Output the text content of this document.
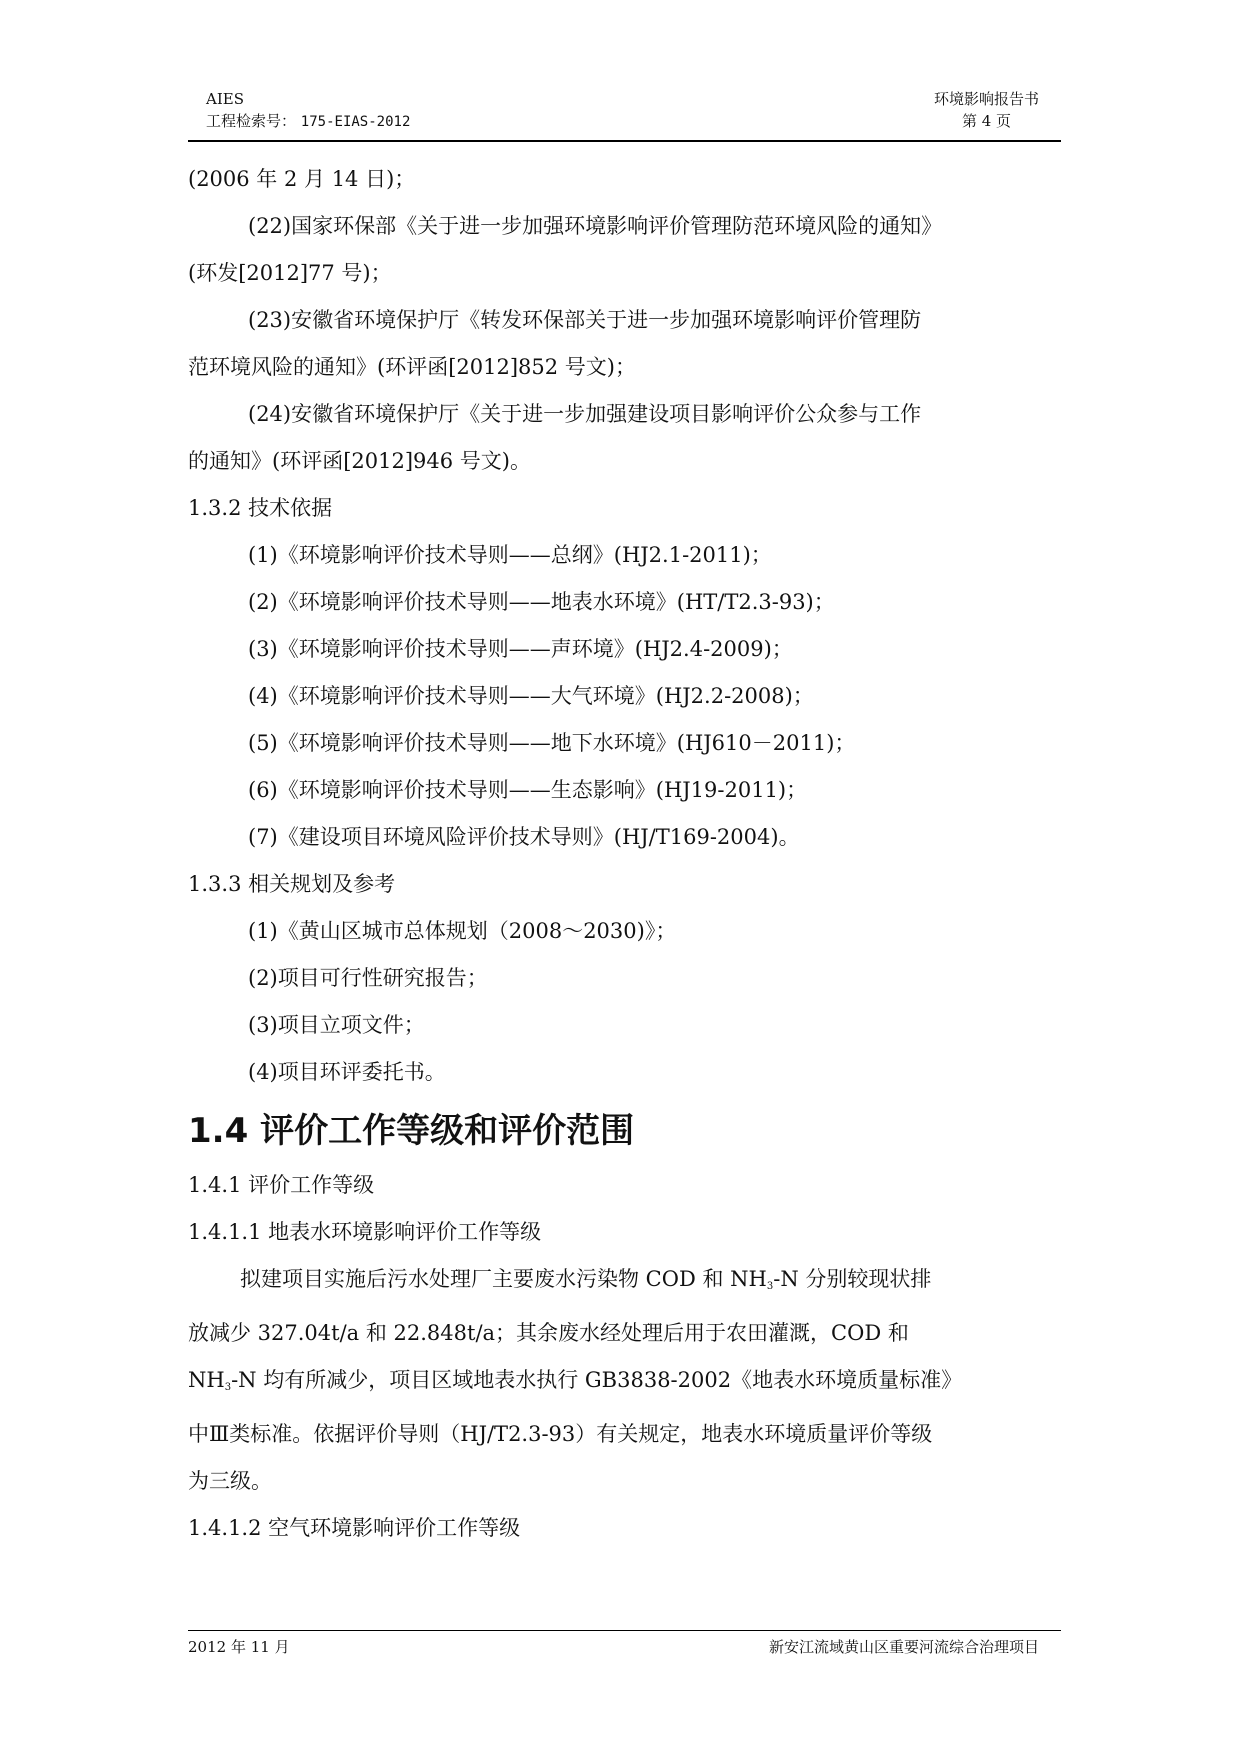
AIES
工程检索号： 175-EIAS-2012
环境影响报告书
第 4 页

(2006 年 2 月 14 日)；

(22)国家环保部《关于进一步加强环境影响评价管理防范环境风险的通知》

(环发[2012]77 号)；

(23)安徽省环境保护厅《转发环保部关于进一步加强环境影响评价管理防

范环境风险的通知》(环评函[2012]852 号文)；

(24)安徽省环境保护厅《关于进一步加强建设项目影响评价公众参与工作

的通知》(环评函[2012]946 号文)。

1.3.2 技术依据

(1)《环境影响评价技术导则——总纲》(HJ2.1-2011)；

(2)《环境影响评价技术导则——地表水环境》(HT/T2.3-93)；

(3)《环境影响评价技术导则——声环境》(HJ2.4-2009)；

(4)《环境影响评价技术导则——大气环境》(HJ2.2-2008)；

(5)《环境影响评价技术导则——地下水环境》(HJ610－2011)；

(6)《环境影响评价技术导则——生态影响》(HJ19-2011)；

(7)《建设项目环境风险评价技术导则》(HJ/T169-2004)。

1.3.3 相关规划及参考

(1)《黄山区城市总体规划（2008～2030)》；

(2)项目可行性研究报告；

(3)项目立项文件；

(4)项目环评委托书。

1.4 评价工作等级和评价范围

1.4.1 评价工作等级

1.4.1.1 地表水环境影响评价工作等级

拟建项目实施后污水处理厂主要废水污染物 COD 和 $NH_3-N$ 分别较现状排
放减少 327.04t/a 和 22.848t/a；其余废水经处理后用于农田灌溉，COD 和
$NH_3-N$ 均有所减少，项目区域地表水执行 GB3838-2002《地表水环境质量标准》
中Ⅲ类标准。依据评价导则（HJ/T2.3-93）有关规定，地表水环境质量评价等级
为三级。

1.4.1.2 空气环境影响评价工作等级

2012 年 11 月	新安江流域黄山区重要河流综合治理项目
